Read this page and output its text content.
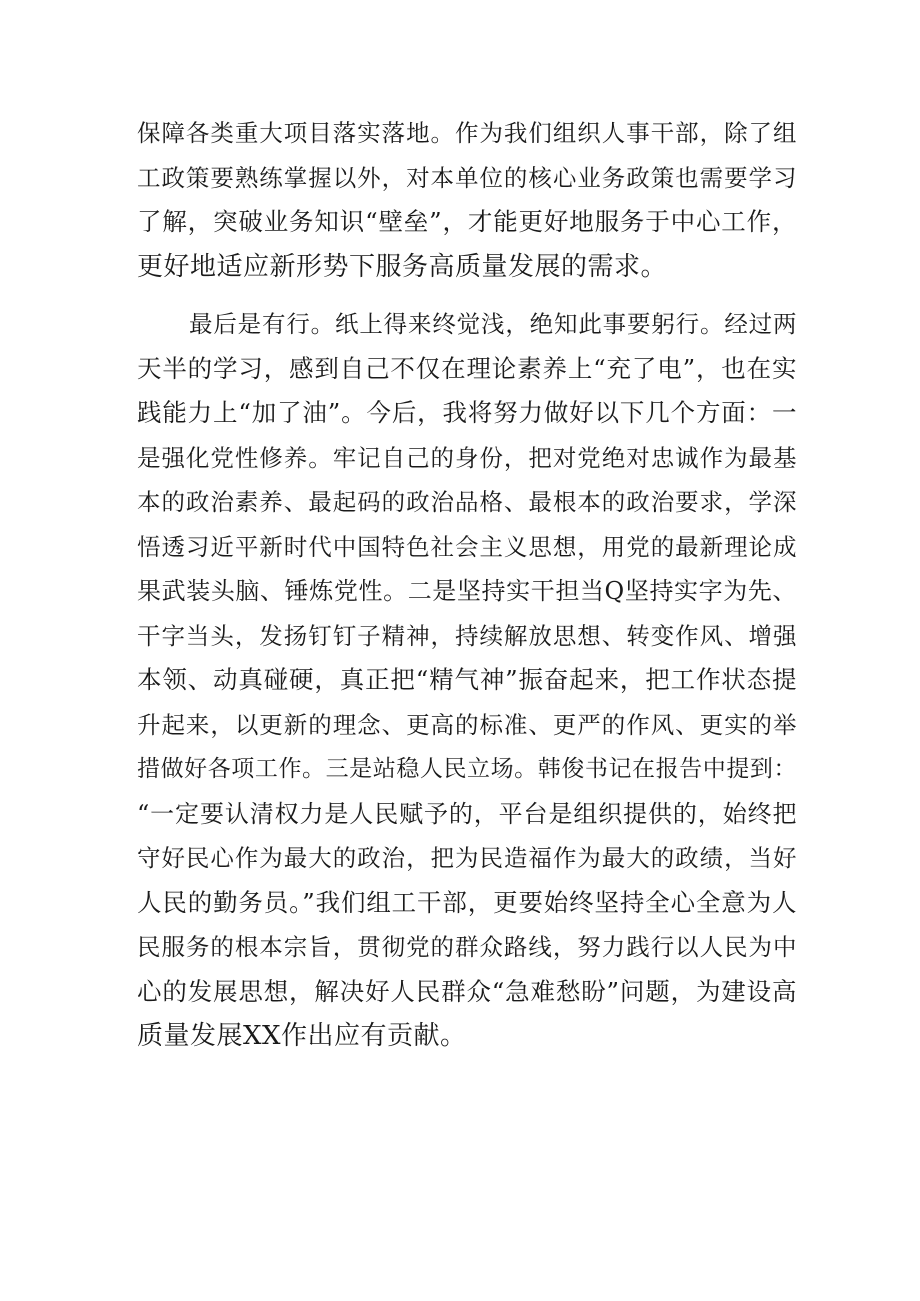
保障各类重大项目落实落地。作为我们组织人事干部，除了组
工政策要熟练掌握以外，对本单位的核心业务政策也需要学习
了解，突破业务知识“壁垒”，才能更好地服务于中心工作，
更好地适应新形势下服务高质量发展的需求。
最后是有行。纸上得来终觉浅，绝知此事要躬行。经过两
天半的学习，感到自己不仅在理论素养上“充了电”，也在实
践能力上“加了油”。今后，我将努力做好以下几个方面：一
是强化党性修养。牢记自己的身份，把对党绝对忠诚作为最基
本的政治素养、最起码的政治品格、最根本的政治要求，学深
悟透习近平新时代中国特色社会主义思想，用党的最新理论成
果武装头脑、锤炼党性。二是坚持实干担当Q坚持实字为先、
干字当头，发扬钉钉子精神，持续解放思想、转变作风、增强
本领、动真碰硬，真正把“精气神”振奋起来，把工作状态提
升起来，以更新的理念、更高的标准、更严的作风、更实的举
措做好各项工作。三是站稳人民立场。韩俊书记在报告中提到：
“一定要认清权力是人民赋予的，平台是组织提供的，始终把
守好民心作为最大的政治，把为民造福作为最大的政绩，当好
人民的勤务员。”我们组工干部，更要始终坚持全心全意为人
民服务的根本宗旨，贯彻党的群众路线，努力践行以人民为中
心的发展思想，解决好人民群众“急难愁盼”问题，为建设高
质量发展XX作出应有贡献。
